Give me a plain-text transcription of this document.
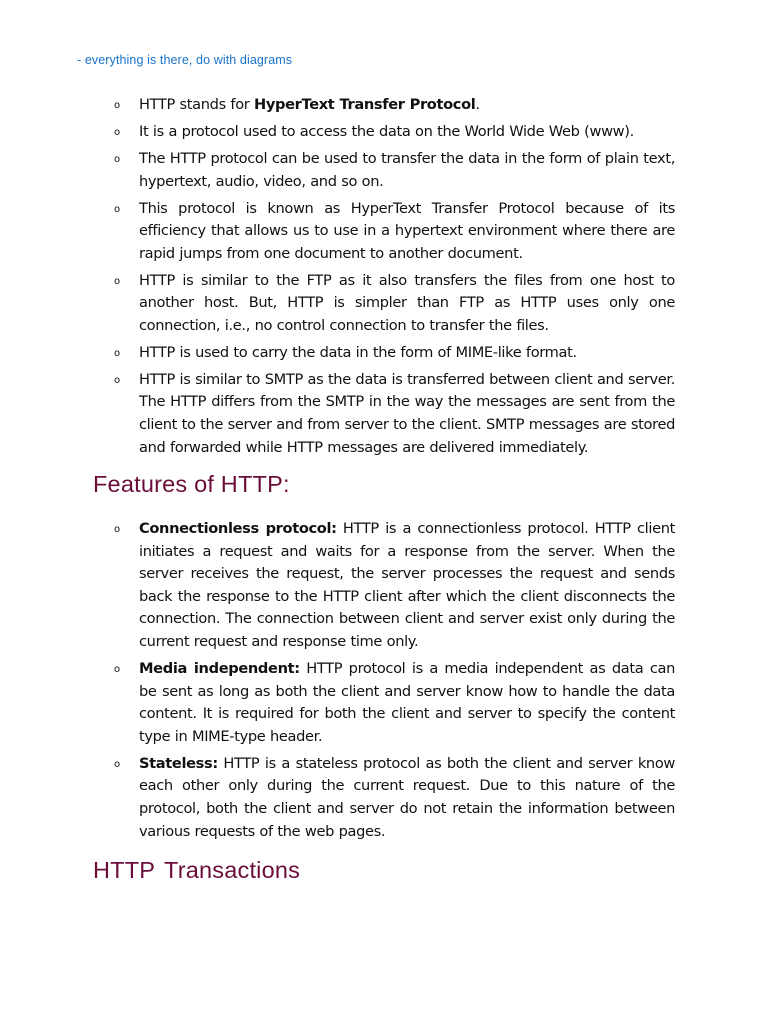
- everything is there, do with diagrams
o	HTTP stands for HyperText Transfer Protocol.
o	It is a protocol used to access the data on the World Wide Web (www).
o	The HTTP protocol can be used to transfer the data in the form of plain text, hypertext, audio, video, and so on.
o	This protocol is known as HyperText Transfer Protocol because of its efficiency that allows us to use in a hypertext environment where there are rapid jumps from one document to another document.
o	HTTP is similar to the FTP as it also transfers the files from one host to another host. But, HTTP is simpler than FTP as HTTP uses only one connection, i.e., no control connection to transfer the files.
o	HTTP is used to carry the data in the form of MIME-like format.
o	HTTP is similar to SMTP as the data is transferred between client and server. The HTTP differs from the SMTP in the way the messages are sent from the client to the server and from server to the client. SMTP messages are stored and forwarded while HTTP messages are delivered immediately.
Features of HTTP:
o	Connectionless protocol: HTTP is a connectionless protocol. HTTP client initiates a request and waits for a response from the server. When the server receives the request, the server processes the request and sends back the response to the HTTP client after which the client disconnects the connection. The connection between client and server exist only during the current request and response time only.
o	Media independent: HTTP protocol is a media independent as data can be sent as long as both the client and server know how to handle the data content. It is required for both the client and server to specify the content type in MIME-type header.
o	Stateless: HTTP is a stateless protocol as both the client and server know each other only during the current request. Due to this nature of the protocol, both the client and server do not retain the information between various requests of the web pages.
HTTP Transactions
